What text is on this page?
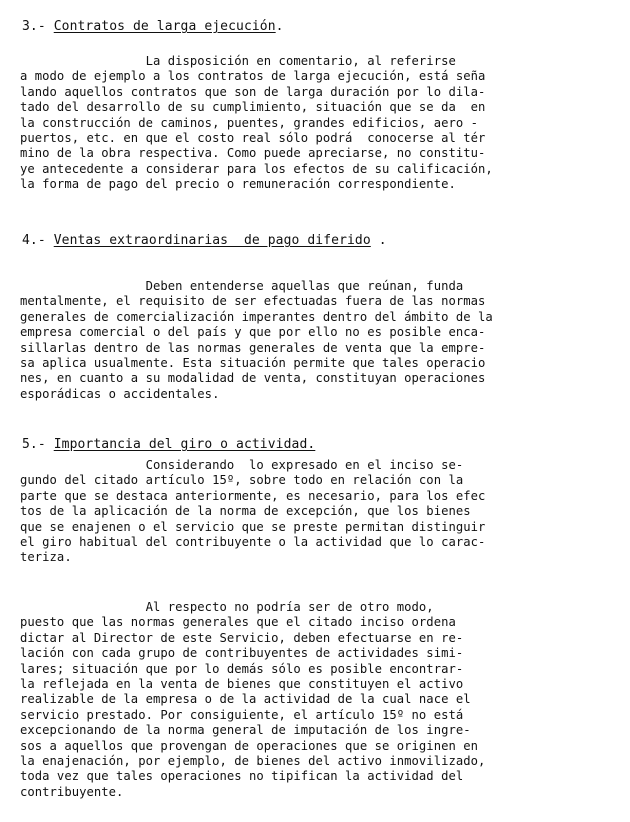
3.- Contratos de larga ejecución.
La disposición en comentario, al referirse
a modo de ejemplo a los contratos de larga ejecución, está seña
lando aquellos contratos que son de larga duración por lo dila-
tado del desarrollo de su cumplimiento, situación que se da  en
la construcción de caminos, puentes, grandes edificios, aero -
puertos, etc. en que el costo real sólo podrá  conocerse al tér
mino de la obra respectiva. Como puede apreciarse, no constitu-
ye antecedente a considerar para los efectos de su calificación,
la forma de pago del precio o remuneración correspondiente.
4.- Ventas extraordinarias  de pago diferido .
Deben entenderse aquellas que reúnan, funda
mentalmente, el requisito de ser efectuadas fuera de las normas
generales de comercialización imperantes dentro del ámbito de la
empresa comercial o del país y que por ello no es posible enca-
sillarlas dentro de las normas generales de venta que la empre-
sa aplica usualmente. Esta situación permite que tales operacio
nes, en cuanto a su modalidad de venta, constituyan operaciones
esporádicas o accidentales.
5.- Importancia del giro o actividad.
Considerando  lo expresado en el inciso se-
gundo del citado artículo 15º, sobre todo en relación con la
parte que se destaca anteriormente, es necesario, para los efec
tos de la aplicación de la norma de excepción, que los bienes
que se enajenen o el servicio que se preste permitan distinguir
el giro habitual del contribuyente o la actividad que lo carac-
teriza.
Al respecto no podría ser de otro modo,
puesto que las normas generales que el citado inciso ordena
dictar al Director de este Servicio, deben efectuarse en re-
lación con cada grupo de contribuyentes de actividades simi-
lares; situación que por lo demás sólo es posible encontrar-
la reflejada en la venta de bienes que constituyen el activo
realizable de la empresa o de la actividad de la cual nace el
servicio prestado. Por consiguiente, el artículo 15º no está
excepcionando de la norma general de imputación de los ingre-
sos a aquellos que provengan de operaciones que se originen en
la enajenación, por ejemplo, de bienes del activo inmovilizado,
toda vez que tales operaciones no tipifican la actividad del
contribuyente.
